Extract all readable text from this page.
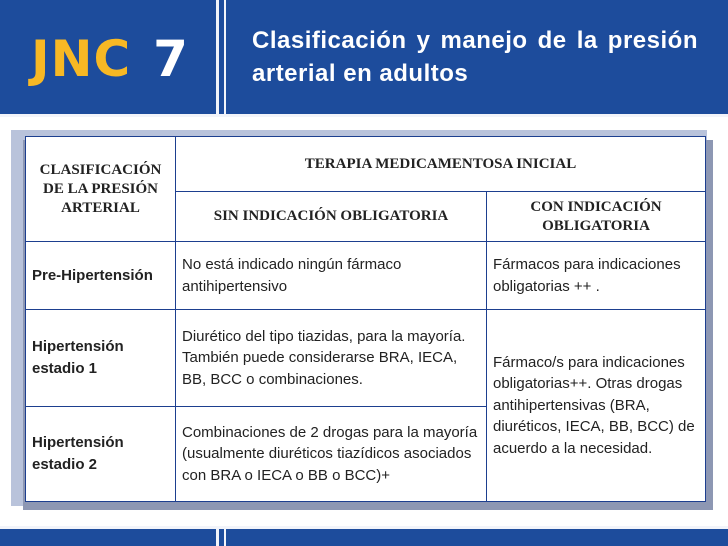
JNC 7	Clasificación y manejo de la presión arterial en adultos
CLASIFICACIÓN DE LA PRESIÓN ARTERIAL	TERAPIA MEDICAMENTOSA INICIAL	
	SIN INDICACIÓN OBLIGATORIA	CON INDICACIÓN OBLIGATORIA
Pre-Hipertensión	No está indicado ningún fármaco antihipertensivo	Fármacos para indicaciones obligatorias ++ .
Hipertensión estadio 1	Diurético del tipo tiazidas, para la mayoría. También puede considerarse BRA, IECA, BB, BCC o combinaciones.	Fármaco/s para indicaciones obligatorias++. Otras drogas antihipertensivas (BRA, diuréticos, IECA, BB, BCC) de acuerdo a la necesidad.
Hipertensión estadio 2	Combinaciones de 2 drogas para la mayoría (usualmente diuréticos tiazídicos asociados con BRA o IECA o BB o BCC)+	
